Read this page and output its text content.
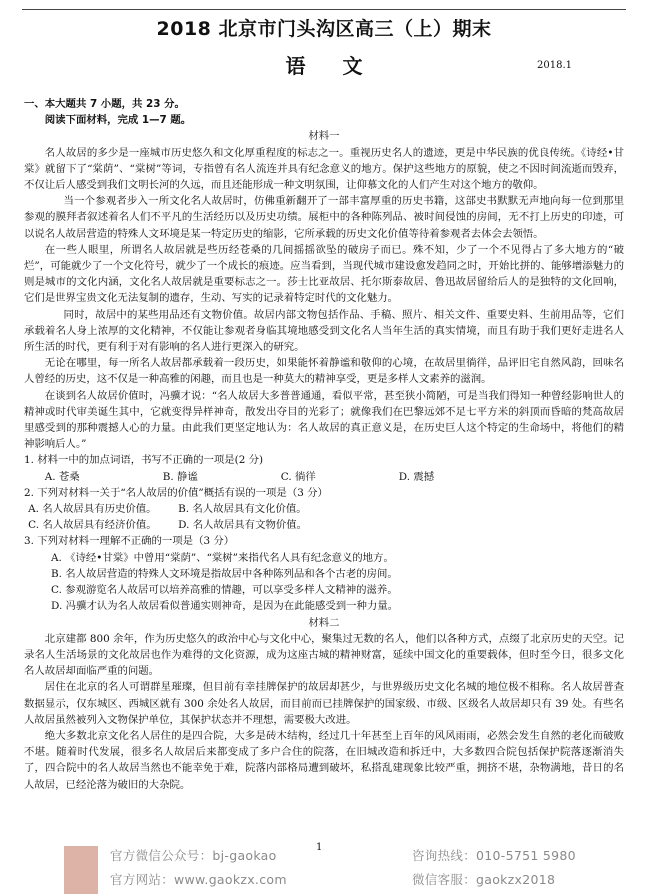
2018 北京市门头沟区高三（上）期末
语 文	2018.1

一、本大题共 7 小题，共 23 分。

阅读下面材料，完成 1—7 题。

材料一

名人故居的多少是一座城市历史悠久和文化厚重程度的标志之一。重视历史名人的遗迹，更是中华民族的优良传统。《诗经•甘棠》就留下了“棠荫”、“棠树”等词，专指曾有名人流连并具有纪念意义的地方。保护这些地方的原貌，使之不因时间流逝而毁弃，不仅让后人感受到我们文明长河的久远，而且还能形成一种文明氛围，让仰慕文化的人们产生对这个地方的敬仰。

当一个参观者步入一所文化名人故居时，仿佛重新翻开了一部丰富厚重的历史书籍，这部史书默默无声地向每一位到那里参观的膜拜者叙述着名人们不平凡的生活经历以及历史功绩。展柜中的各种陈列品、被时间侵蚀的房间，无不打上历史的印迹，可以说名人故居营造的特殊人文环境是某一特定历史的缩影，它所承载的历史文化价值等待着参观者去体会去领悟。

在一些人眼里，所谓名人故居就是些历经苍桑的几间摇摇欲坠的破房子而已。殊不知，少了一个不见得占了多大地方的“破烂”，可能就少了一个文化符号，就少了一个成长的痕迹。应当看到，当现代城市建设愈发趋同之时，开始比拼的、能够增添魅力的则是城市的文化内涵，文化名人故居就是重要标志之一。莎士比亚故居、托尔斯泰故居、鲁迅故居留给后人的是独特的文化回响，它们是世界宝贵文化无法复制的遗存，生动、写实的记录着特定时代的文化魅力。

同时，故居中的某些用品还有文物价值。故居内部文物包括作品、手稿、照片、相关文件、重要史料、生前用品等，它们承载着名人身上浓厚的文化精神，不仅能让参观者身临其境地感受到文化名人当年生活的真实情境，而且有助于我们更好走进名人所生活的时代，更有利于对有影响的名人进行更深入的研究。

无论在哪里，每一所名人故居都承载着一段历史，如果能怀着静谧和敬仰的心境，在故居里徜徉，品评旧宅自然风韵，回味名人曾经的历史，这不仅是一种高雅的闲趣，而且也是一种莫大的精神享受，更是多样人文素养的滋润。

在谈到名人故居价值时，冯骥才说：“名人故居大多普普通通，看似平常，甚至狭小简陋，可是当我们得知一种曾经影响世人的精神或时代审美诞生其中，它就变得异样神奇，散发出夺目的光彩了；就像我们在巴黎远郊不足七平方米的斜顶而昏暗的梵高故居里感受到的那种震撼人心的力量。由此我们更坚定地认为：名人故居的真正意义是，在历史巨人这个特定的生命场中，将他们的精神影响后人。”

1. 材料一中的加点词语，书写不正确的一项是(2 分)

A. 苍桑	B. 静谧	C. 徜徉	D. 震撼

2. 下列对材料一关于“名人故居的价值”概括有误的一项是（3 分）

A. 名人故居具有历史价值。 B. 名人故居具有文化价值。

C. 名人故居具有经济价值。 D. 名人故居具有文物价值。

3. 下列对材料一理解不正确的一项是（3 分）

A. 《诗经•甘棠》中曾用“棠荫”、“棠树”来指代名人具有纪念意义的地方。

B. 名人故居营造的特殊人文环境是指故居中各种陈列品和各个古老的房间。

C. 参观游览名人故居可以培养高雅的情趣，可以享受多样人文精神的滋养。

D. 冯骥才认为名人故居看似普通实则神奇，是因为在此能感受到一种力量。

材料二

北京建都 800 余年，作为历史悠久的政治中心与文化中心，聚集过无数的名人，他们以各种方式，点缀了北京历史的天空。记录名人生活场景的文化故居也作为难得的文化资源，成为这座古城的精神财富，延续中国文化的重要载体，但时至今日，很多文化名人故居却面临严重的问题。

居住在北京的名人可谓群星璀璨，但目前有幸挂牌保护的故居却甚少，与世界级历史文化名城的地位极不相称。名人故居普查数据显示，仅东城区、西城区就有 300 余处名人故居，而目前而已挂牌保护的国家级、市级、区级名人故居却只有 39 处。有些名人故居虽然被列入文物保护单位，其保护状态并不理想，需要极大改进。

绝大多数北京文化名人居住的是四合院，大多是砖木结构，经过几十年甚至上百年的风风雨雨，必然会发生自然的老化而破败不堪。随着时代发展，很多名人故居后来都变成了多户合住的院落，在旧城改造和拆迁中，大多数四合院包括保护院落逐渐消失了，四合院中的名人故居当然也不能幸免于难，院落内部格局遭到破坏，私搭乱建现象比较严重，拥挤不堪，杂物满地，昔日的名人故居，已经沦落为破旧的大杂院。

1
官方微信公众号：bj-gaokao
官方网站：www.gaokzx.com
咨询热线：010-5751 5980
微信客服：gaokzx2018
